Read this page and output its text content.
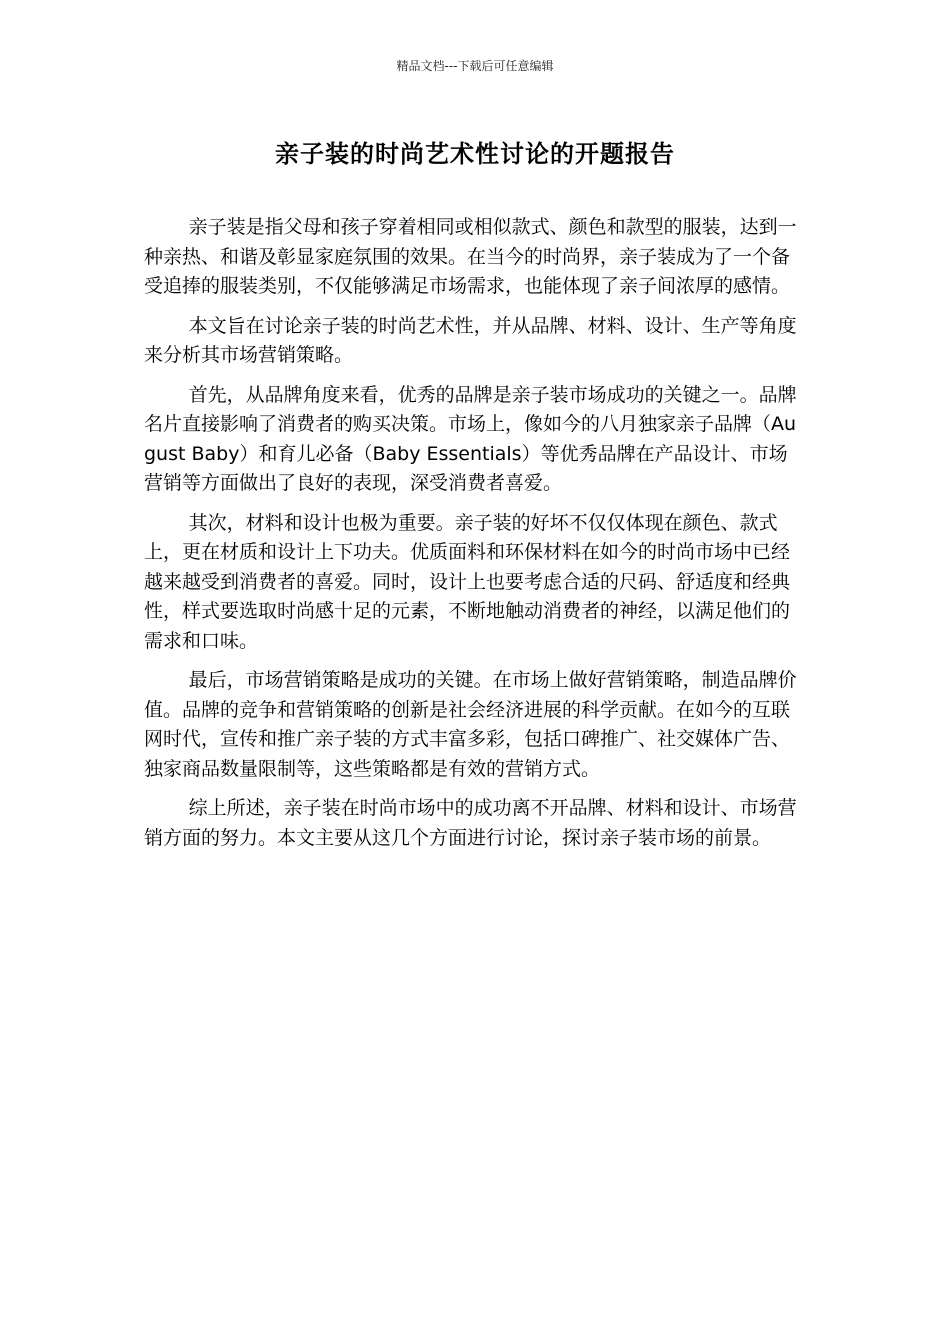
精品文档---下载后可任意编辑
亲子装的时尚艺术性讨论的开题报告

亲子装是指父母和孩子穿着相同或相似款式、颜色和款型的服装，达到一种亲热、和谐及彰显家庭氛围的效果。在当今的时尚界，亲子装成为了一个备受追捧的服装类别，不仅能够满足市场需求，也能体现了亲子间浓厚的感情。

本文旨在讨论亲子装的时尚艺术性，并从品牌、材料、设计、生产等角度来分析其市场营销策略。

首先，从品牌角度来看，优秀的品牌是亲子装市场成功的关键之一。品牌名片直接影响了消费者的购买决策。市场上，像如今的八月独家亲子品牌（August Baby）和育儿必备（Baby Essentials）等优秀品牌在产品设计、市场营销等方面做出了良好的表现，深受消费者喜爱。

其次，材料和设计也极为重要。亲子装的好坏不仅仅体现在颜色、款式上，更在材质和设计上下功夫。优质面料和环保材料在如今的时尚市场中已经越来越受到消费者的喜爱。同时，设计上也要考虑合适的尺码、舒适度和经典性，样式要选取时尚感十足的元素，不断地触动消费者的神经，以满足他们的需求和口味。

最后，市场营销策略是成功的关键。在市场上做好营销策略，制造品牌价值。品牌的竞争和营销策略的创新是社会经济进展的科学贡献。在如今的互联网时代，宣传和推广亲子装的方式丰富多彩，包括口碑推广、社交媒体广告、独家商品数量限制等，这些策略都是有效的营销方式。

综上所述，亲子装在时尚市场中的成功离不开品牌、材料和设计、市场营销方面的努力。本文主要从这几个方面进行讨论，探讨亲子装市场的前景。
